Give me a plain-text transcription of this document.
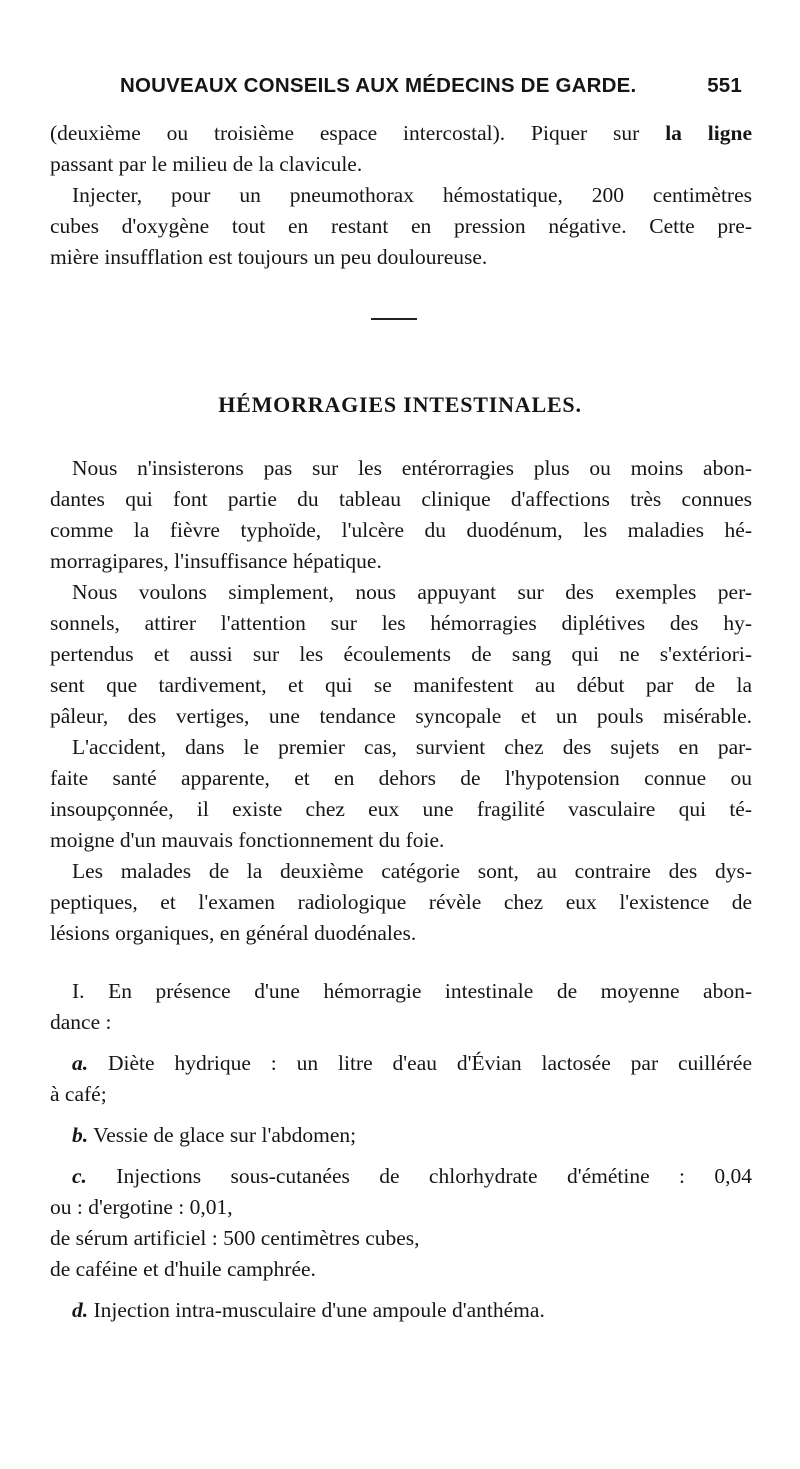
NOUVEAUX CONSEILS AUX MÉDECINS DE GARDE.	551
(deuxième ou troisième espace intercostal). Piquer sur la ligne
passant par le milieu de la clavicule.
Injecter, pour un pneumothorax hémostatique, 200 centimètres
cubes d'oxygène tout en restant en pression négative. Cette pre-
mière insufflation est toujours un peu douloureuse.
HÉMORRAGIES INTESTINALES.
Nous n'insisterons pas sur les entérorragies plus ou moins abon-
dantes qui font partie du tableau clinique d'affections très connues
comme la fièvre typhoïde, l'ulcère du duodénum, les maladies hé-
morragipares, l'insuffisance hépatique.
Nous voulons simplement, nous appuyant sur des exemples per-
sonnels, attirer l'attention sur les hémorragies diplétives des hy-
pertendus et aussi sur les écoulements de sang qui ne s'extériori-
sent que tardivement, et qui se manifestent au début par de la
pâleur, des vertiges, une tendance syncopale et un pouls misérable.
L'accident, dans le premier cas, survient chez des sujets en par-
faite santé apparente, et en dehors de l'hypotension connue ou
insoupçonnée, il existe chez eux une fragilité vasculaire qui té-
moigne d'un mauvais fonctionnement du foie.
Les malades de la deuxième catégorie sont, au contraire des dys-
peptiques, et l'examen radiologique révèle chez eux l'existence de
lésions organiques, en général duodénales.
I. En présence d'une hémorragie intestinale de moyenne abon-
dance :
a. Diète hydrique : un litre d'eau d'Évian lactosée par cuillérée
à café;
b. Vessie de glace sur l'abdomen;
c. Injections sous-cutanées de chlorhydrate d'émétine : 0,04
ou : d'ergotine : 0,01,
de sérum artificiel : 500 centimètres cubes,
de caféine et d'huile camphrée.
d. Injection intra-musculaire d'une ampoule d'anthéma.
